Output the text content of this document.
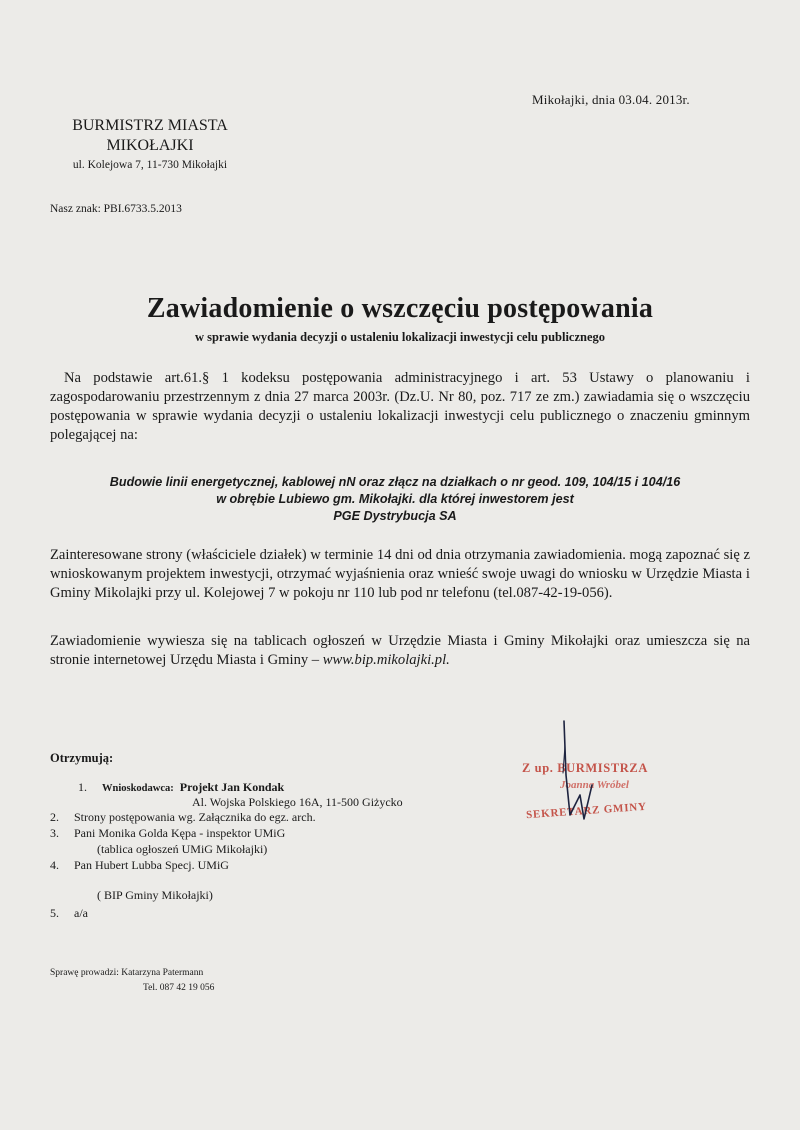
Mikołajki, dnia 03.04. 2013r.

BURMISTRZ MIASTA
MIKOŁAJKI
ul. Kolejowa 7, 11-730 Mikołajki

Nasz znak: PBI.6733.5.2013

Zawiadomienie o wszczęciu postępowania

w sprawie wydania decyzji o ustaleniu lokalizacji inwestycji celu publicznego

Na podstawie art.61.§ 1 kodeksu postępowania administracyjnego i art. 53 Ustawy o planowaniu i zagospodarowaniu przestrzennym z dnia 27 marca 2003r. (Dz.U. Nr 80, poz. 717 ze zm.) zawiadamia się o wszczęciu postępowania w sprawie wydania decyzji o ustaleniu lokalizacji inwestycji celu publicznego o znaczeniu gminnym polegającej na:

Budowie linii energetycznej, kablowej nN oraz złącz na działkach o nr geod. 109, 104/15 i 104/16
w obrębie Lubiewo gm. Mikołajki. dla której inwestorem jest
PGE Dystrybucja SA

Zainteresowane strony (właściciele działek) w terminie 14 dni od dnia otrzymania zawiadomienia. mogą zapoznać się z wnioskowanym projektem inwestycji, otrzymać wyjaśnienia oraz wnieść swoje uwagi do wniosku w Urzędzie Miasta i Gminy Mikolajki przy ul. Kolejowej 7 w pokoju nr 110 lub pod nr telefonu (tel.087-42-19-056).

Zawiadomienie wywiesza się na tablicach ogłoszeń w Urzędzie Miasta i Gminy Mikołajki oraz umieszcza się na stronie internetowej Urzędu Miasta i Gminy – www.bip.mikolajki.pl.

Otrzymują:

1. Wnioskodawca: Projekt Jan Kondak
Al. Wojska Polskiego 16A, 11-500 Giżycko
2. Strony postępowania wg. Załącznika do egz. arch.
3. Pani Monika Golda Kępa - inspektor UMiG
(tablica ogłoszeń UMiG Mikołajki)
4. Pan Hubert Lubba Specj. UMiG
( BIP Gminy Mikołajki)
5. a/a
Sprawę prowadzi: Katarzyna Patermann
Tel. 087 42 19 056
Z up. BURMISTRZA
Joanna Wróbel
SEKRETARZ GMINY
